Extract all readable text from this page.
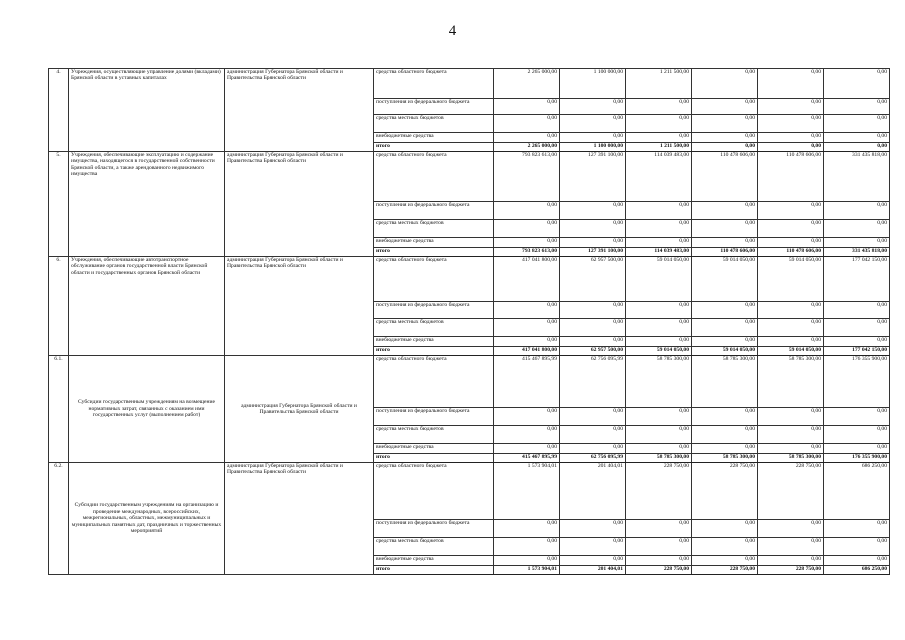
4
4.	Учреждения, осуществляющие управление долями (вкладами) Брянской области в уставных капиталах	администрация Губернатора Брянской области и Правительства Брянской области	средства областного бюджета	2 265 000,00	1 100 000,00	1 211 500,00	0,00	0,00	0,00
			поступления из федерального бюджета	0,00	0,00	0,00	0,00	0,00	0,00
			средства местных бюджетов	0,00	0,00	0,00	0,00	0,00	0,00
			внебюджетные средства	0,00	0,00	0,00	0,00	0,00	0,00
			итого	2 265 000,00	1 100 000,00	1 211 500,00	0,00	0,00	0,00
5.	Учреждения, обеспечивающие эксплуатацию и содержание имущества, находящегося в государственной собственности Брянской области, а также арендованного недвижимого имущества	администрация Губернатора Брянской области и Правительства Брянской области	средства областного бюджета	793 823 613,00	127 391 100,00	114 039 483,00	110 478 606,00	110 478 606,00	331 435 818,00
			поступления из федерального бюджета	0,00	0,00	0,00	0,00	0,00	0,00
			средства местных бюджетов	0,00	0,00	0,00	0,00	0,00	0,00
			внебюджетные средства	0,00	0,00	0,00	0,00	0,00	0,00
			итого	793 823 613,00	127 391 100,00	114 039 483,00	110 478 606,00	110 478 606,00	331 435 818,00
6.	Учреждения, обеспечивающие автотранспортное обслуживание органов государственной власти Брянской области и государственных органов Брянской области	администрация Губернатора Брянской области и Правительства Брянской области	средства областного бюджета	417 041 800,00	62 957 500,00	59 014 050,00	59 014 050,00	59 014 050,00	177 042 150,00
			поступления из федерального бюджета	0,00	0,00	0,00	0,00	0,00	0,00
			средства местных бюджетов	0,00	0,00	0,00	0,00	0,00	0,00
			внебюджетные средства	0,00	0,00	0,00	0,00	0,00	0,00
			итого	417 041 800,00	62 957 500,00	59 014 050,00	59 014 050,00	59 014 050,00	177 042 150,00
6.1.	Субсидии государственным учреждениям на возмещение нормативных затрат, связанных с оказанием ими государственных услуг (выполнением работ)	администрация Губернатора Брянской области и Правительства Брянской области	средства областного бюджета	415 467 895,99	62 756 095,99	58 785 300,00	58 785 300,00	58 785 300,00	176 355 900,00
			поступления из федерального бюджета	0,00	0,00	0,00	0,00	0,00	0,00
			средства местных бюджетов	0,00	0,00	0,00	0,00	0,00	0,00
			внебюджетные средства	0,00	0,00	0,00	0,00	0,00	0,00
			итого	415 467 895,99	62 756 095,99	58 785 300,00	58 785 300,00	58 785 300,00	176 355 900,00
6.2.	Субсидии государственным учреждениям на организацию и проведение международных, всероссийских, межрегиональных, областных, межмуниципальных и муниципальных памятных дат, праздничных и торжественных мероприятий	администрация Губернатора Брянской области и Правительства Брянской области	средства областного бюджета	1 573 904,01	201 404,01	228 750,00	228 750,00	228 750,00	686 250,00
			поступления из федерального бюджета	0,00	0,00	0,00	0,00	0,00	0,00
			средства местных бюджетов	0,00	0,00	0,00	0,00	0,00	0,00
			внебюджетные средства	0,00	0,00	0,00	0,00	0,00	0,00
			итого	1 573 904,01	201 404,01	228 750,00	228 750,00	228 750,00	686 250,00
